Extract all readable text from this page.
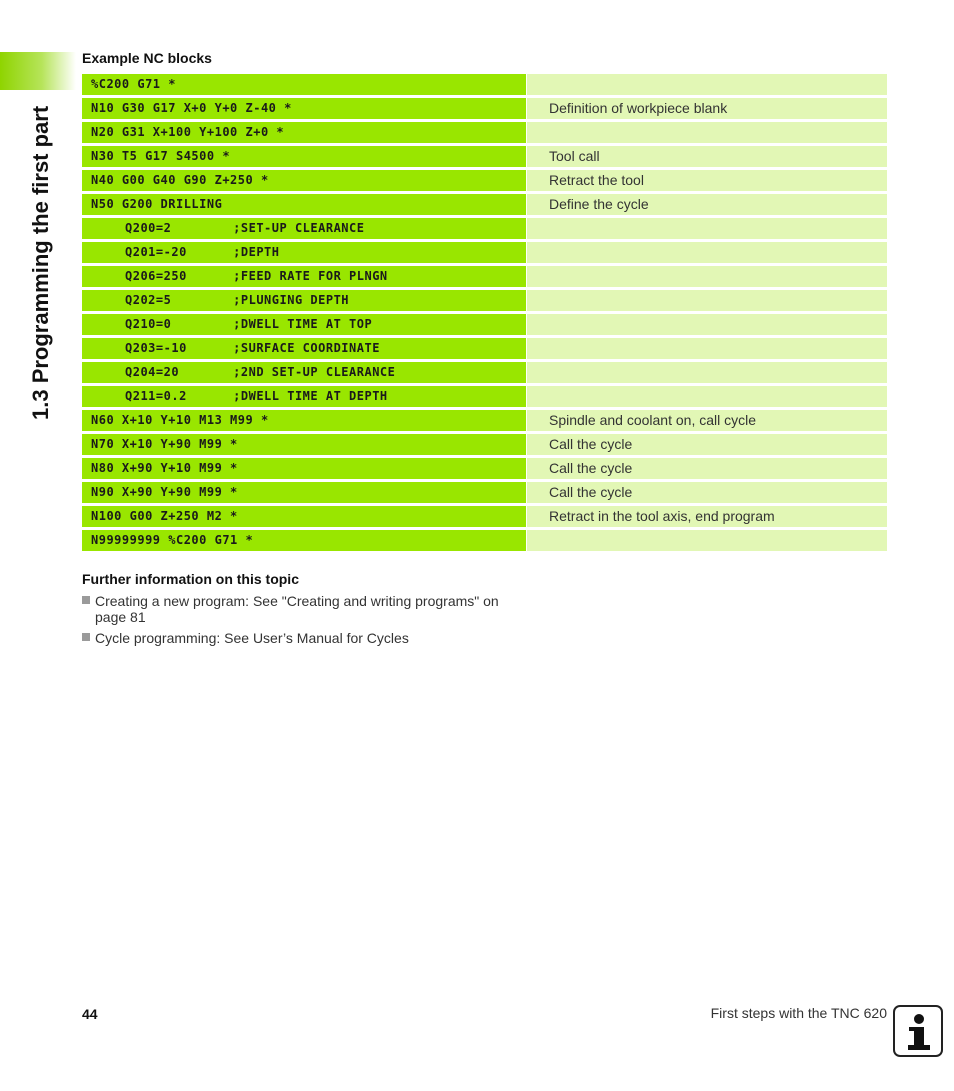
1.3 Programming the first part
Example NC blocks
%C200 G71 *
N10 G30 G17 X+0 Y+0 Z-40 *	Definition of workpiece blank
N20 G31 X+100 Y+100 Z+0 *
N30 T5 G17 S4500 *	Tool call
N40 G00 G40 G90 Z+250 *	Retract the tool
N50 G200 DRILLING	Define the cycle
Q200=2        ;SET-UP CLEARANCE
Q201=-20      ;DEPTH
Q206=250      ;FEED RATE FOR PLNGN
Q202=5        ;PLUNGING DEPTH
Q210=0        ;DWELL TIME AT TOP
Q203=-10      ;SURFACE COORDINATE
Q204=20       ;2ND SET-UP CLEARANCE
Q211=0.2      ;DWELL TIME AT DEPTH
N60 X+10 Y+10 M13 M99 *	Spindle and coolant on, call cycle
N70 X+10 Y+90 M99 *	Call the cycle
N80 X+90 Y+10 M99 *	Call the cycle
N90 X+90 Y+90 M99 *	Call the cycle
N100 G00 Z+250 M2 *	Retract in the tool axis, end program
N99999999 %C200 G71 *
Further information on this topic
Creating a new program: See "Creating and writing programs" on page 81
Cycle programming: See User’s Manual for Cycles
44	First steps with the TNC 620
